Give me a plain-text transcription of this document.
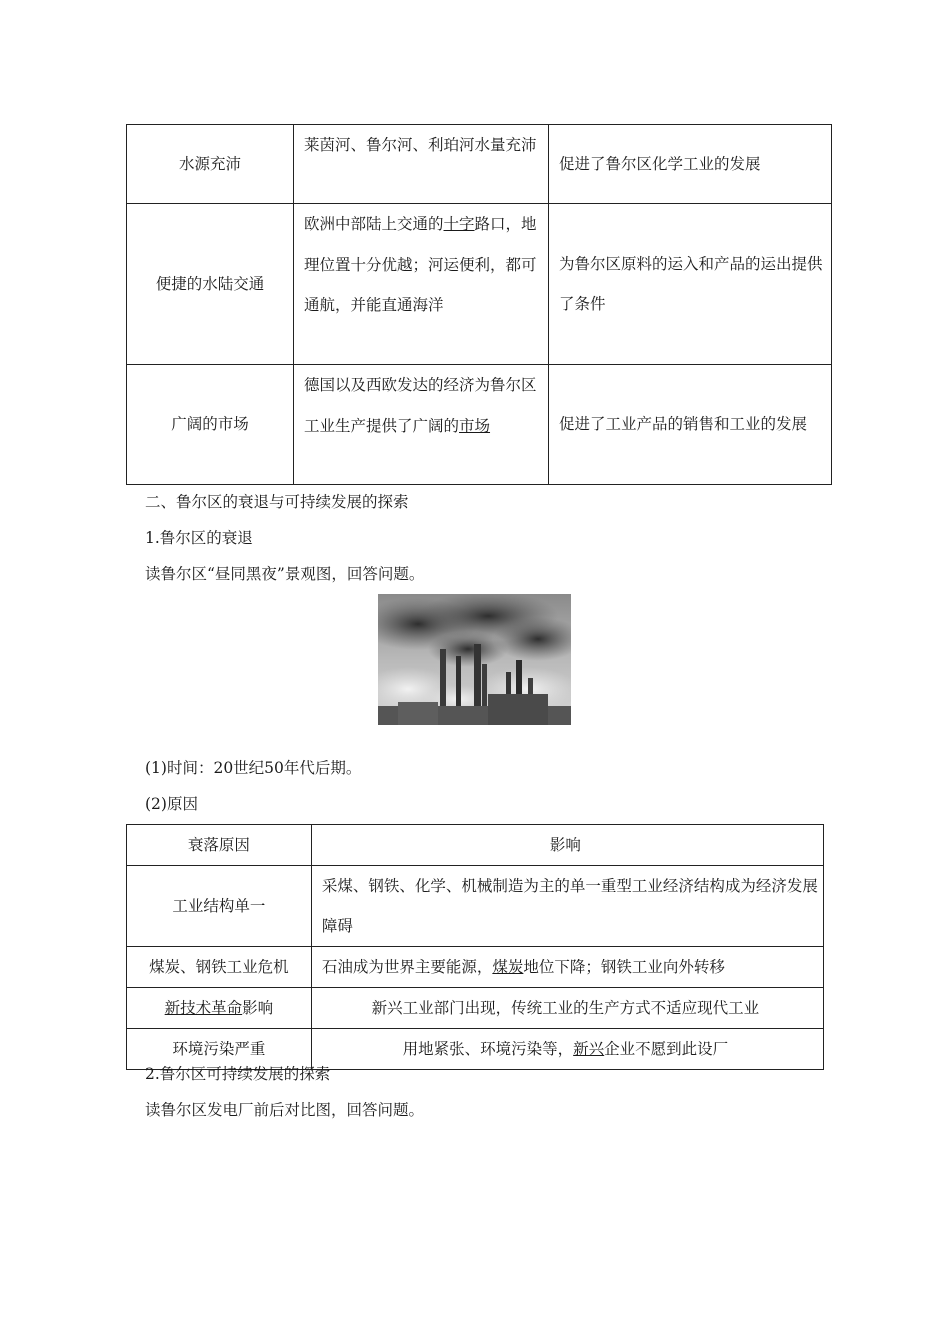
水源充沛	莱茵河、鲁尔河、利珀河水量充沛	促进了鲁尔区化学工业的发展
便捷的水陆交通	欧洲中部陆上交通的十字路口，地理位置十分优越；河运便利，都可通航，并能直通海洋	为鲁尔区原料的运入和产品的运出提供了条件
广阔的市场	德国以及西欧发达的经济为鲁尔区工业生产提供了广阔的市场	促进了工业产品的销售和工业的发展
二、鲁尔区的衰退与可持续发展的探索
1.鲁尔区的衰退
读鲁尔区“昼同黑夜”景观图，回答问题。
(1)时间：20世纪50年代后期。
(2)原因
衰落原因	影响
工业结构单一	采煤、钢铁、化学、机械制造为主的单一重型工业经济结构成为经济发展障碍
煤炭、钢铁工业危机	石油成为世界主要能源，煤炭地位下降；钢铁工业向外转移
新技术革命影响	新兴工业部门出现，传统工业的生产方式不适应现代工业
环境污染严重	用地紧张、环境污染等，新兴企业不愿到此设厂
2.鲁尔区可持续发展的探索
读鲁尔区发电厂前后对比图，回答问题。
